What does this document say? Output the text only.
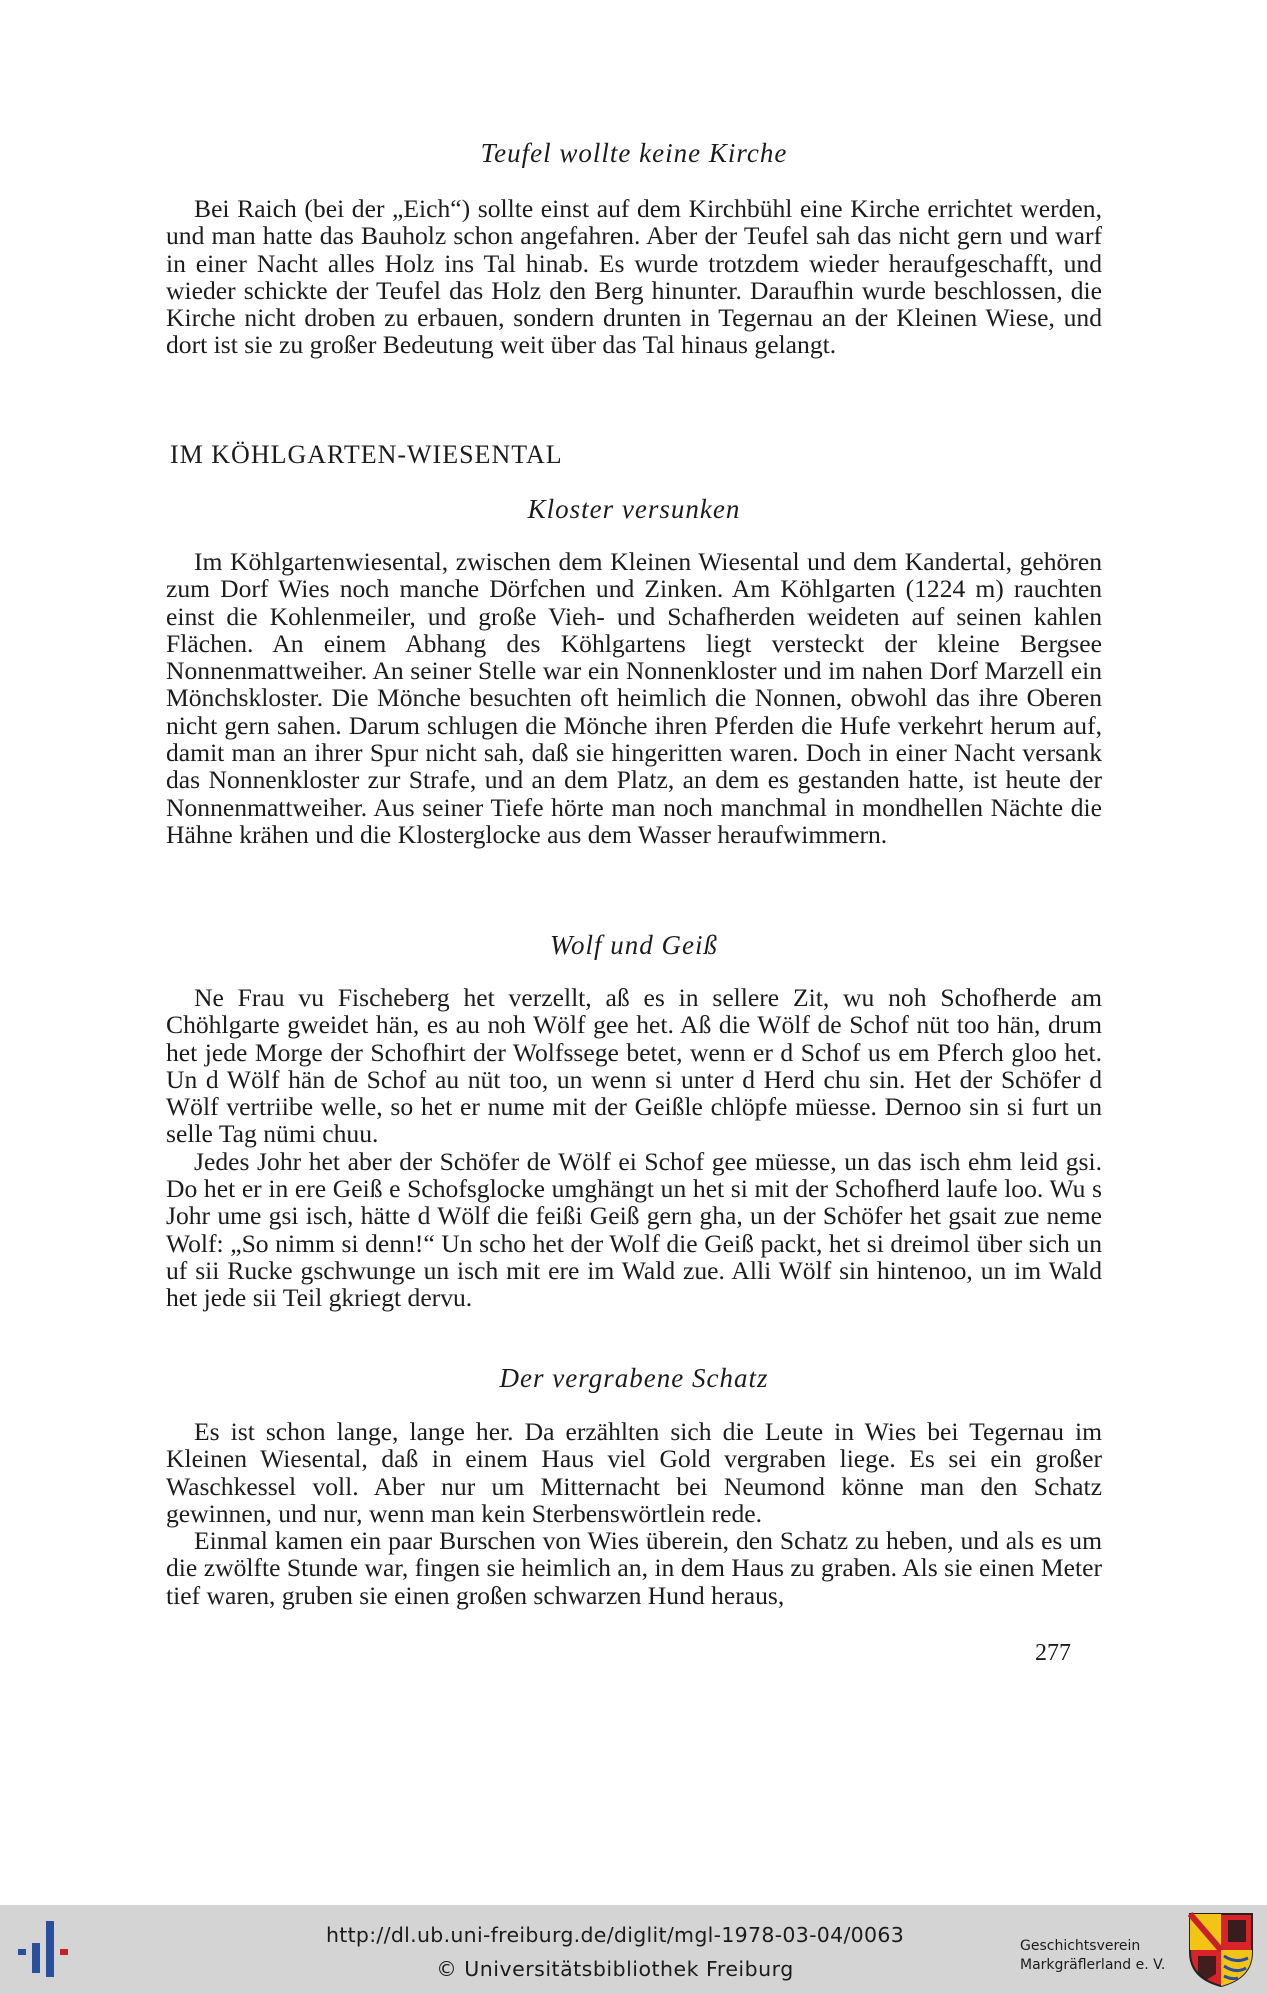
Teufel wollte keine Kirche

Bei Raich (bei der „Eich“) sollte einst auf dem Kirchbühl eine Kirche errichtet werden, und man hatte das Bauholz schon angefahren. Aber der Teufel sah das nicht gern und warf in einer Nacht alles Holz ins Tal hinab. Es wurde trotzdem wieder heraufgeschafft, und wieder schickte der Teufel das Holz den Berg hinunter. Daraufhin wurde beschlossen, die Kirche nicht droben zu erbauen, sondern drunten in Tegernau an der Kleinen Wiese, und dort ist sie zu großer Bedeutung weit über das Tal hinaus gelangt.

IM KÖHLGARTEN-WIESENTAL
Kloster versunken

Im Köhlgartenwiesental, zwischen dem Kleinen Wiesental und dem Kandertal, gehören zum Dorf Wies noch manche Dörfchen und Zinken. Am Köhlgarten (1224 m) rauchten einst die Kohlenmeiler, und große Vieh- und Schafherden weideten auf seinen kahlen Flächen. An einem Abhang des Köhlgartens liegt versteckt der kleine Bergsee Nonnenmattweiher. An seiner Stelle war ein Nonnenkloster und im nahen Dorf Marzell ein Mönchskloster. Die Mönche besuchten oft heimlich die Nonnen, obwohl das ihre Oberen nicht gern sahen. Darum schlugen die Mönche ihren Pferden die Hufe verkehrt herum auf, damit man an ihrer Spur nicht sah, daß sie hingeritten waren. Doch in einer Nacht versank das Nonnenkloster zur Strafe, und an dem Platz, an dem es gestanden hatte, ist heute der Nonnenmattweiher. Aus seiner Tiefe hörte man noch manchmal in mondhellen Nächte die Hähne krähen und die Klosterglocke aus dem Wasser heraufwimmern.

Wolf und Geiß

Ne Frau vu Fischeberg het verzellt, aß es in sellere Zit, wu noh Schofherde am Chöhlgarte gweidet hän, es au noh Wölf gee het. Aß die Wölf de Schof nüt too hän, drum het jede Morge der Schofhirt der Wolfssege betet, wenn er d Schof us em Pferch gloo het. Un d Wölf hän de Schof au nüt too, un wenn si unter d Herd chu sin. Het der Schöfer d Wölf vertriibe welle, so het er nume mit der Geißle chlöpfe müesse. Dernoo sin si furt un selle Tag nümi chuu.

Jedes Johr het aber der Schöfer de Wölf ei Schof gee müesse, un das isch ehm leid gsi. Do het er in ere Geiß e Schofsglocke umghängt un het si mit der Schofherd laufe loo. Wu s Johr ume gsi isch, hätte d Wölf die feißi Geiß gern gha, un der Schöfer het gsait zue neme Wolf: „So nimm si denn!“ Un scho het der Wolf die Geiß packt, het si dreimol über sich un uf sii Rucke gschwunge un isch mit ere im Wald zue. Alli Wölf sin hintenoo, un im Wald het jede sii Teil gkriegt dervu.

Der vergrabene Schatz

Es ist schon lange, lange her. Da erzählten sich die Leute in Wies bei Tegernau im Kleinen Wiesental, daß in einem Haus viel Gold vergraben liege. Es sei ein großer Waschkessel voll. Aber nur um Mitternacht bei Neumond könne man den Schatz gewinnen, und nur, wenn man kein Sterbenswörtlein rede.

Einmal kamen ein paar Burschen von Wies überein, den Schatz zu heben, und als es um die zwölfte Stunde war, fingen sie heimlich an, in dem Haus zu graben. Als sie einen Meter tief waren, gruben sie einen großen schwarzen Hund heraus,

277
http://dl.ub.uni-freiburg.de/diglit/mgl-1978-03-04/0063
© Universitätsbibliothek Freiburg
Geschichtsverein
Markgräflerland e. V.
